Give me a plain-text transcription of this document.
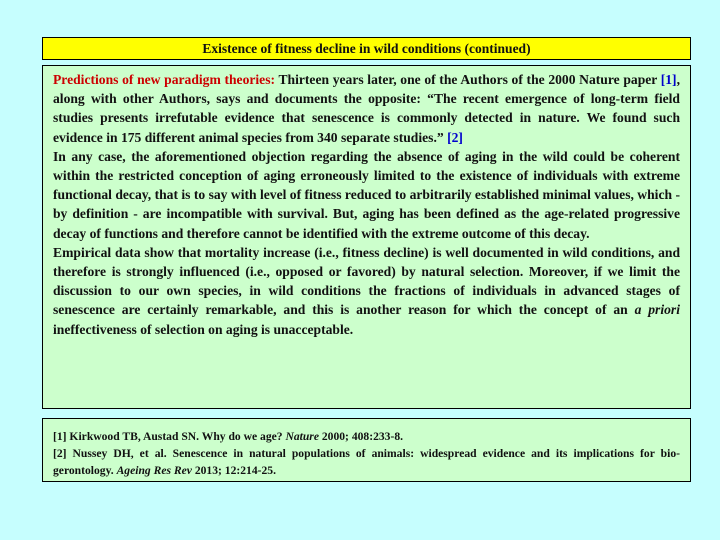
Existence of fitness decline in wild conditions (continued)

Predictions of new paradigm theories: Thirteen years later, one of the Authors of the 2000 Nature paper [1], along with other Authors, says and documents the opposite: “The recent emergence of long-term field studies presents irrefutable evidence that senescence is commonly detected in nature. We found such evidence in 175 different animal species from 340 separate studies.” [2]

In any case, the aforementioned objection regarding the absence of aging in the wild could be coherent within the restricted conception of aging erroneously limited to the existence of individuals with extreme functional decay, that is to say with level of fitness reduced to arbitrarily established minimal values, which - by definition - are incompatible with survival. But, aging has been defined as the age-related progressive decay of functions and therefore cannot be identified with the extreme outcome of this decay.

Empirical data show that mortality increase (i.e., fitness decline) is well documented in wild conditions, and therefore is strongly influenced (i.e., opposed or favored) by natural selection. Moreover, if we limit the discussion to our own species, in wild conditions the fractions of individuals in advanced stages of senescence are certainly remarkable, and this is another reason for which the concept of an a priori ineffectiveness of selection on aging is unacceptable.

[1] Kirkwood TB, Austad SN. Why do we age? Nature 2000; 408:233-8.

[2] Nussey DH, et al. Senescence in natural populations of animals: widespread evidence and its implications for bio-gerontology. Ageing Res Rev 2013; 12:214-25.
